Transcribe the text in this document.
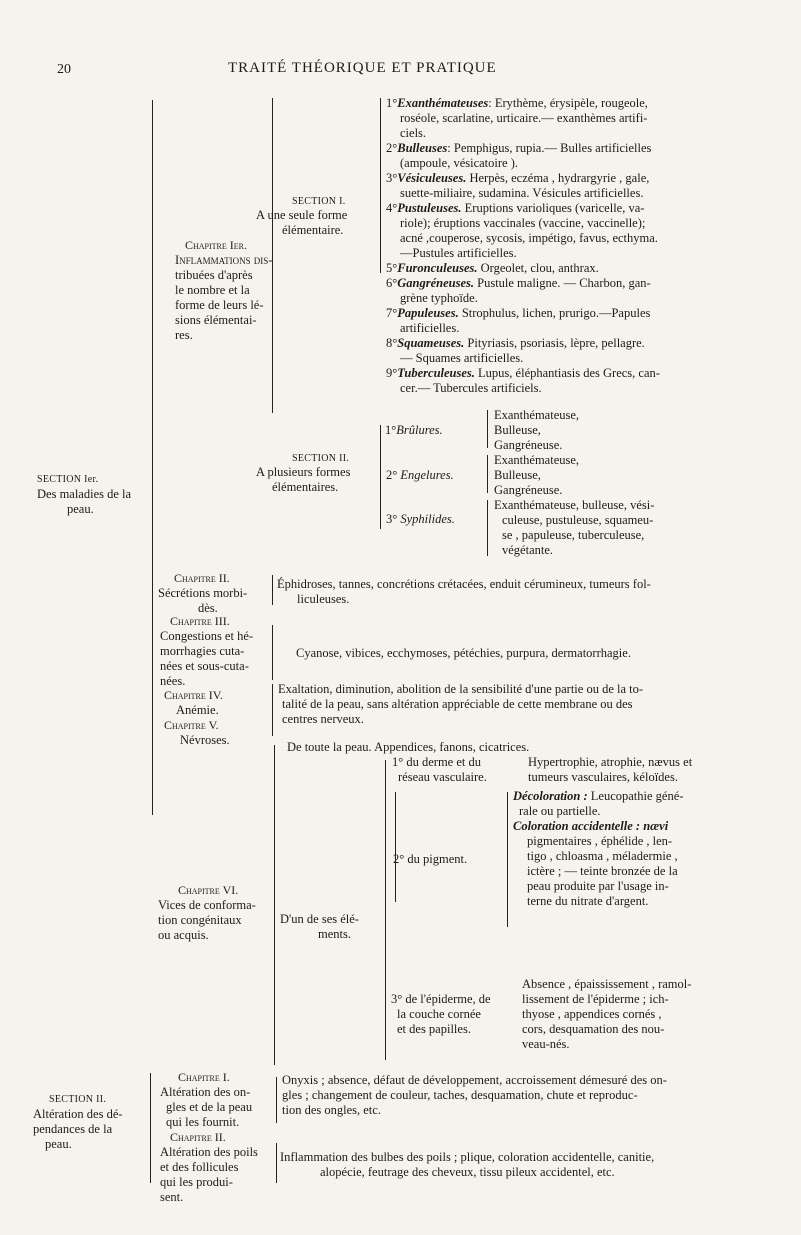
20	TRAITÉ THÉORIQUE ET PRATIQUE
SECTION Ier.
Des maladies de la
peau.
Chapitre Ier.
Inflammations dis-
tribuées d'après
le nombre et la
forme de leurs lé-
sions élémentai-
res.
SECTION I.
A une seule forme
élémentaire.
1°Exanthémateuses: Erythème, érysipèle, rougeole,
roséole, scarlatine, urticaire.— exanthèmes artifi-
ciels.
2°Bulleuses: Pemphigus, rupia.— Bulles artificielles
(ampoule, vésicatoire ).
3°Vésiculeuses. Herpès, eczéma , hydrargyrie , gale,
suette-miliaire, sudamina. Vésicules artificielles.
4°Pustuleuses. Eruptions varioliques (varicelle, va-
riole); éruptions vaccinales (vaccine, vaccinelle);
acné ,couperose, sycosis, impétigo, favus, ecthyma.
—Pustules artificielles.
5°Furonculeuses. Orgeolet, clou, anthrax.
6°Gangréneuses. Pustule maligne. — Charbon, gan-
grène typhoïde.
7°Papuleuses. Strophulus, lichen, prurigo.—Papules
artificielles.
8°Squameuses. Pityriasis, psoriasis, lèpre, pellagre.
— Squames artificielles.
9°Tuberculeuses. Lupus, éléphantiasis des Grecs, can-
cer.— Tubercules artificiels.
SECTION II.
A plusieurs formes
élémentaires.
1°Brûlures.
2° Engelures.
3° Syphilides.
Exanthémateuse,
Bulleuse,
Gangréneuse.
Exanthémateuse,
Bulleuse,
Gangréneuse.
Exanthémateuse, bulleuse, vési-
culeuse, pustuleuse, squameu-
se , papuleuse, tuberculeuse,
végétante.
Chapitre II.
Sécrétions morbi-
dès.
Éphidroses, tannes, concrétions crétacées, enduit cérumineux, tumeurs fol-
liculeuses.
Chapitre III.
Congestions et hé-
morrhagies cuta-
nées et sous-cuta-
nées.
Cyanose, vibices, ecchymoses, pétéchies, purpura, dermatorrhagie.
Chapitre IV.
Anémie.
Chapitre V.
Névroses.
Exaltation, diminution, abolition de la sensibilité d'une partie ou de la to-
talité de la peau, sans altération appréciable de cette membrane ou des
centres nerveux.
Chapitre VI.
Vices de conforma-
tion congénitaux
ou acquis.
De toute la peau. Appendices, fanons, cicatrices.
D'un de ses élé-
ments.
1° du derme et du
réseau vasculaire.
Hypertrophie, atrophie, nævus et
tumeurs vasculaires, kéloïdes.
2° du pigment.
Décoloration : Leucopathie géné-
rale ou partielle.
Coloration accidentelle : nævi
pigmentaires , éphélide , len-
tigo , chloasma , méladermie ,
ictère ; — teinte bronzée de la
peau produite par l'usage in-
terne du nitrate d'argent.
3° de l'épiderme, de
la couche cornée
et des papilles.
Absence , épaississement , ramol-
lissement de l'épiderme ; ich-
thyose , appendices cornés ,
cors, desquamation des nou-
veau-nés.
SECTION II.
Altération des dé-
pendances de la
peau.
Chapitre I.
Altération des on-
gles et de la peau
qui les fournit.
Chapitre II.
Altération des poils
et des follicules
qui les produi-
sent.
Onyxis ; absence, défaut de développement, accroissement démesuré des on-
gles ; changement de couleur, taches, desquamation, chute et reproduc-
tion des ongles, etc.
Inflammation des bulbes des poils ; plique, coloration accidentelle, canitie,
alopécie, feutrage des cheveux, tissu pileux accidentel, etc.
